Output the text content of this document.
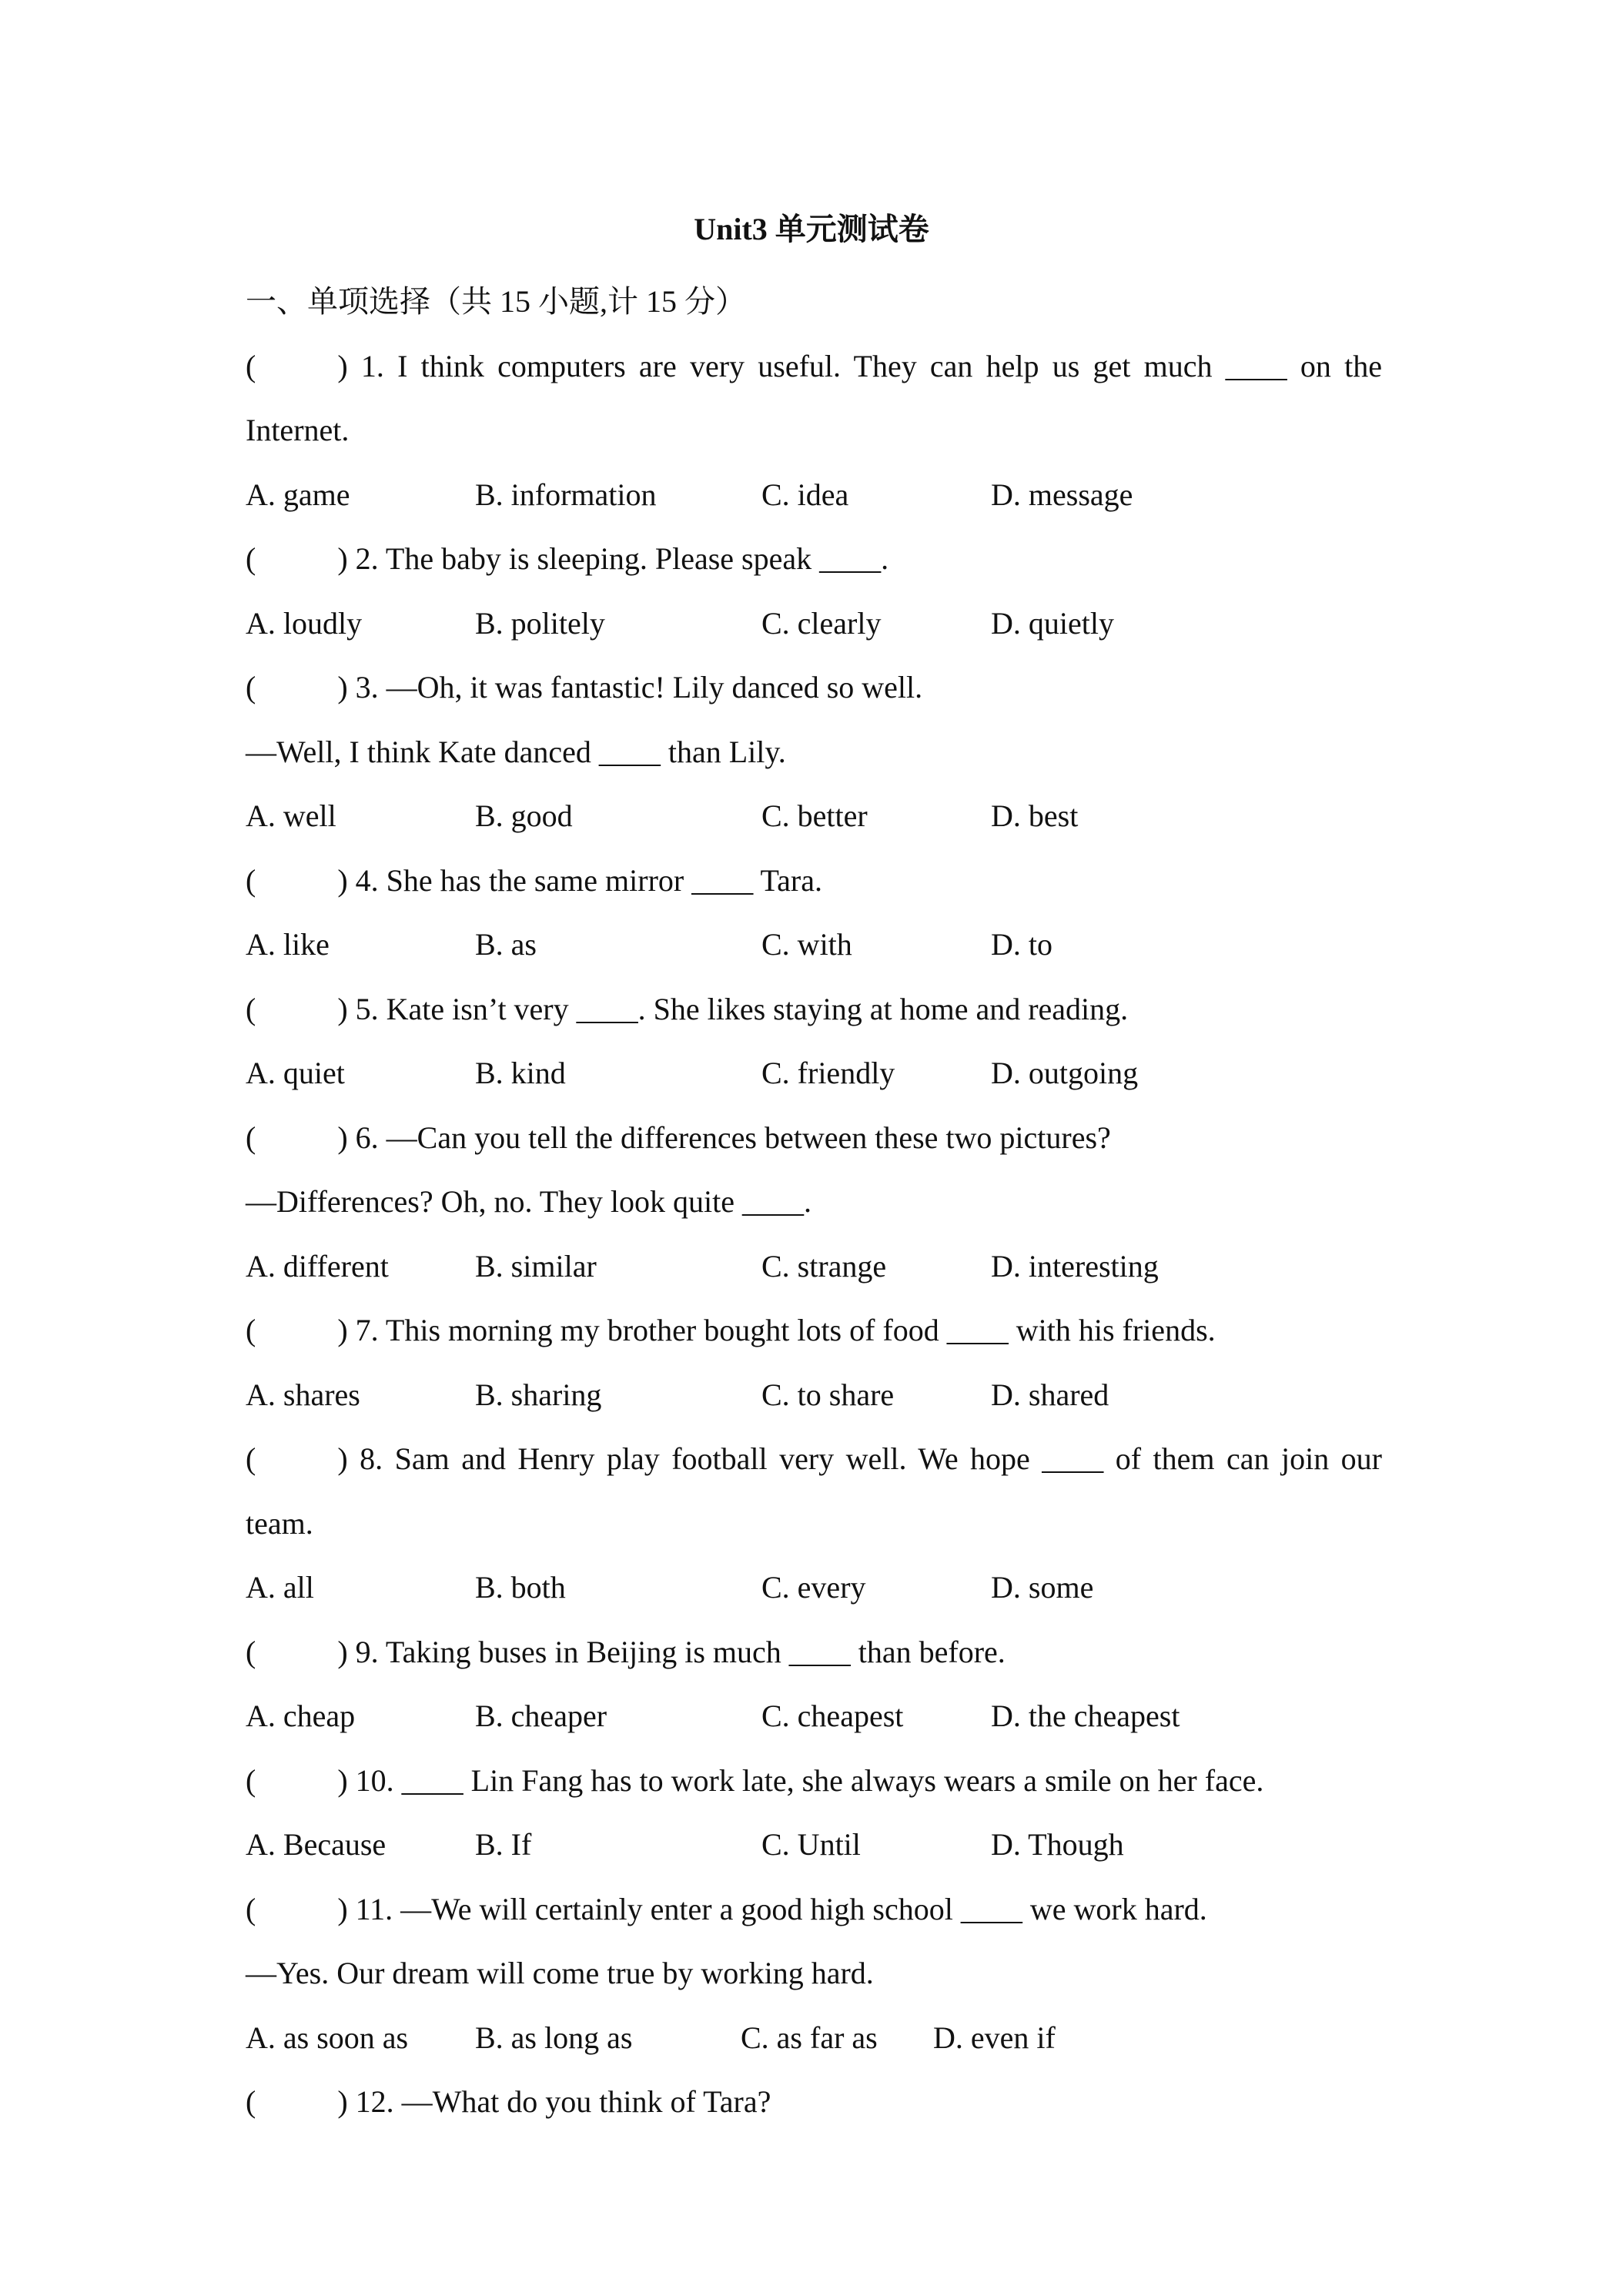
Unit3 单元测试卷
一、单项选择（共 15 小题,计 15 分）
(	) 1. I think computers are very useful. They can help us get much ____ on the
Internet.
A. game	B. information	C. idea	D. message
(	) 2. The baby is sleeping. Please speak ____.
A. loudly	B. politely	C. clearly	D. quietly
(	) 3. —Oh, it was fantastic! Lily danced so well.
—Well, I think Kate danced ____ than Lily.
A. well	B. good	C. better	D. best
(	) 4. She has the same mirror ____ Tara.
A. like	B. as	C. with	D. to
(	) 5. Kate isn’t very ____. She likes staying at home and reading.
A. quiet	B. kind	C. friendly	D. outgoing
(	) 6. —Can you tell the differences between these two pictures?
—Differences? Oh, no. They look quite ____.
A. different	B. similar	C. strange	D. interesting
(	) 7. This morning my brother bought lots of food ____ with his friends.
A. shares	B. sharing	C. to share	D. shared
(	) 8. Sam and Henry play football very well. We hope ____ of them can join our
team.
A. all	B. both	C. every	D. some
(	) 9. Taking buses in Beijing is much ____ than before.
A. cheap	B. cheaper	C. cheapest	D. the cheapest
(	) 10. ____ Lin Fang has to work late, she always wears a smile on her face.
A. Because	B. If	C. Until	D. Though
(	) 11. —We will certainly enter a good high school ____ we work hard.
—Yes. Our dream will come true by working hard.
A. as soon as B. as long as	C. as far as D. even if
(	) 12. —What do you think of Tara?
